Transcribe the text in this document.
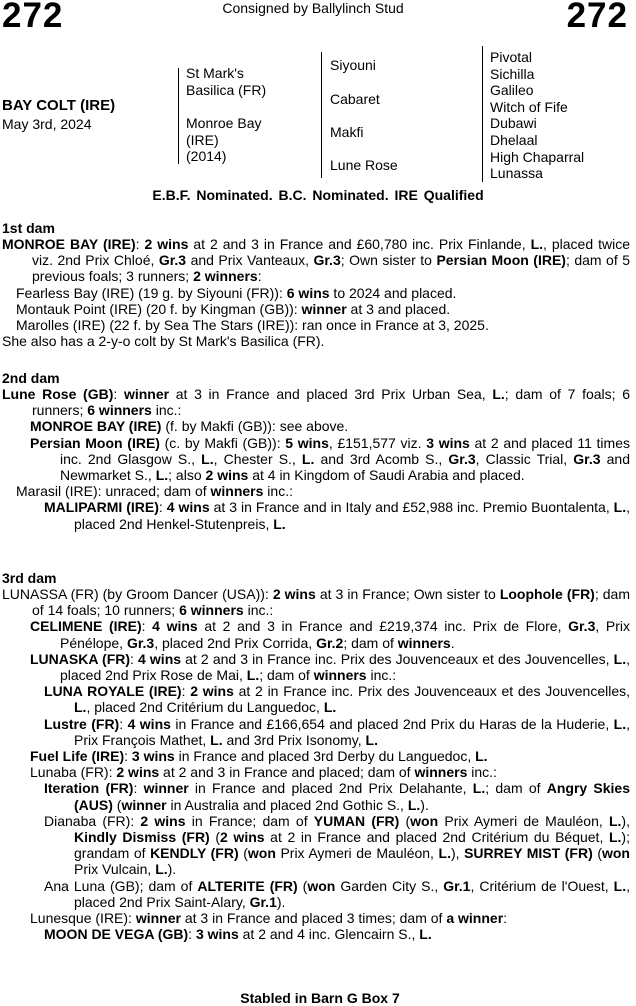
272	Consigned by Ballylinch Stud	272
BAY COLT (IRE)
May 3rd, 2024
St Mark's
Basilica (FR)
Monroe Bay
(IRE)
(2014)
Siyouni
Cabaret
Makfi
Lune Rose
Pivotal
Sichilla
Galileo
Witch of Fife
Dubawi
Dhelaal
High Chaparral
Lunassa
E.B.F. Nominated. B.C. Nominated. IRE Qualified
1st dam

MONROE BAY (IRE): 2 wins at 2 and 3 in France and £60,780 inc. Prix Finlande, L., placed twice viz. 2nd Prix Chloé, Gr.3 and Prix Vanteaux, Gr.3; Own sister to Persian Moon (IRE); dam of 5 previous foals; 3 runners; 2 winners:

Fearless Bay (IRE) (19 g. by Siyouni (FR)): 6 wins to 2024 and placed.

Montauk Point (IRE) (20 f. by Kingman (GB)): winner at 3 and placed.

Marolles (IRE) (22 f. by Sea The Stars (IRE)): ran once in France at 3, 2025.

She also has a 2-y-o colt by St Mark's Basilica (FR).

2nd dam

Lune Rose (GB): winner at 3 in France and placed 3rd Prix Urban Sea, L.; dam of 7 foals; 6 runners; 6 winners inc.:

MONROE BAY (IRE) (f. by Makfi (GB)): see above.

Persian Moon (IRE) (c. by Makfi (GB)): 5 wins, £151,577 viz. 3 wins at 2 and placed 11 times inc. 2nd Glasgow S., L., Chester S., L. and 3rd Acomb S., Gr.3, Classic Trial, Gr.3 and Newmarket S., L.; also 2 wins at 4 in Kingdom of Saudi Arabia and placed.

Marasil (IRE): unraced; dam of winners inc.:

MALIPARMI (IRE): 4 wins at 3 in France and in Italy and £52,988 inc. Premio Buontalenta, L., placed 2nd Henkel-Stutenpreis, L.

3rd dam

LUNASSA (FR) (by Groom Dancer (USA)): 2 wins at 3 in France; Own sister to Loophole (FR); dam of 14 foals; 10 runners; 6 winners inc.:

CELIMENE (IRE): 4 wins at 2 and 3 in France and £219,374 inc. Prix de Flore, Gr.3, Prix Pénélope, Gr.3, placed 2nd Prix Corrida, Gr.2; dam of winners.

LUNASKA (FR): 4 wins at 2 and 3 in France inc. Prix des Jouvenceaux et des Jouvencelles, L., placed 2nd Prix Rose de Mai, L.; dam of winners inc.:

LUNA ROYALE (IRE): 2 wins at 2 in France inc. Prix des Jouvenceaux et des Jouvencelles, L., placed 2nd Critérium du Languedoc, L.

Lustre (FR): 4 wins in France and £166,654 and placed 2nd Prix du Haras de la Huderie, L., Prix François Mathet, L. and 3rd Prix Isonomy, L.

Fuel Life (IRE): 3 wins in France and placed 3rd Derby du Languedoc, L.

Lunaba (FR): 2 wins at 2 and 3 in France and placed; dam of winners inc.:

Iteration (FR): winner in France and placed 2nd Prix Delahante, L.; dam of Angry Skies (AUS) (winner in Australia and placed 2nd Gothic S., L.).

Dianaba (FR): 2 wins in France; dam of YUMAN (FR) (won Prix Aymeri de Mauléon, L.), Kindly Dismiss (FR) (2 wins at 2 in France and placed 2nd Critérium du Béquet, L.); grandam of KENDLY (FR) (won Prix Aymeri de Mauléon, L.), SURREY MIST (FR) (won Prix Vulcain, L.).

Ana Luna (GB); dam of ALTERITE (FR) (won Garden City S., Gr.1, Critérium de l'Ouest, L., placed 2nd Prix Saint-Alary, Gr.1).

Lunesque (IRE): winner at 3 in France and placed 3 times; dam of a winner:

MOON DE VEGA (GB): 3 wins at 2 and 4 inc. Glencairn S., L.

Stabled in Barn G Box 7
